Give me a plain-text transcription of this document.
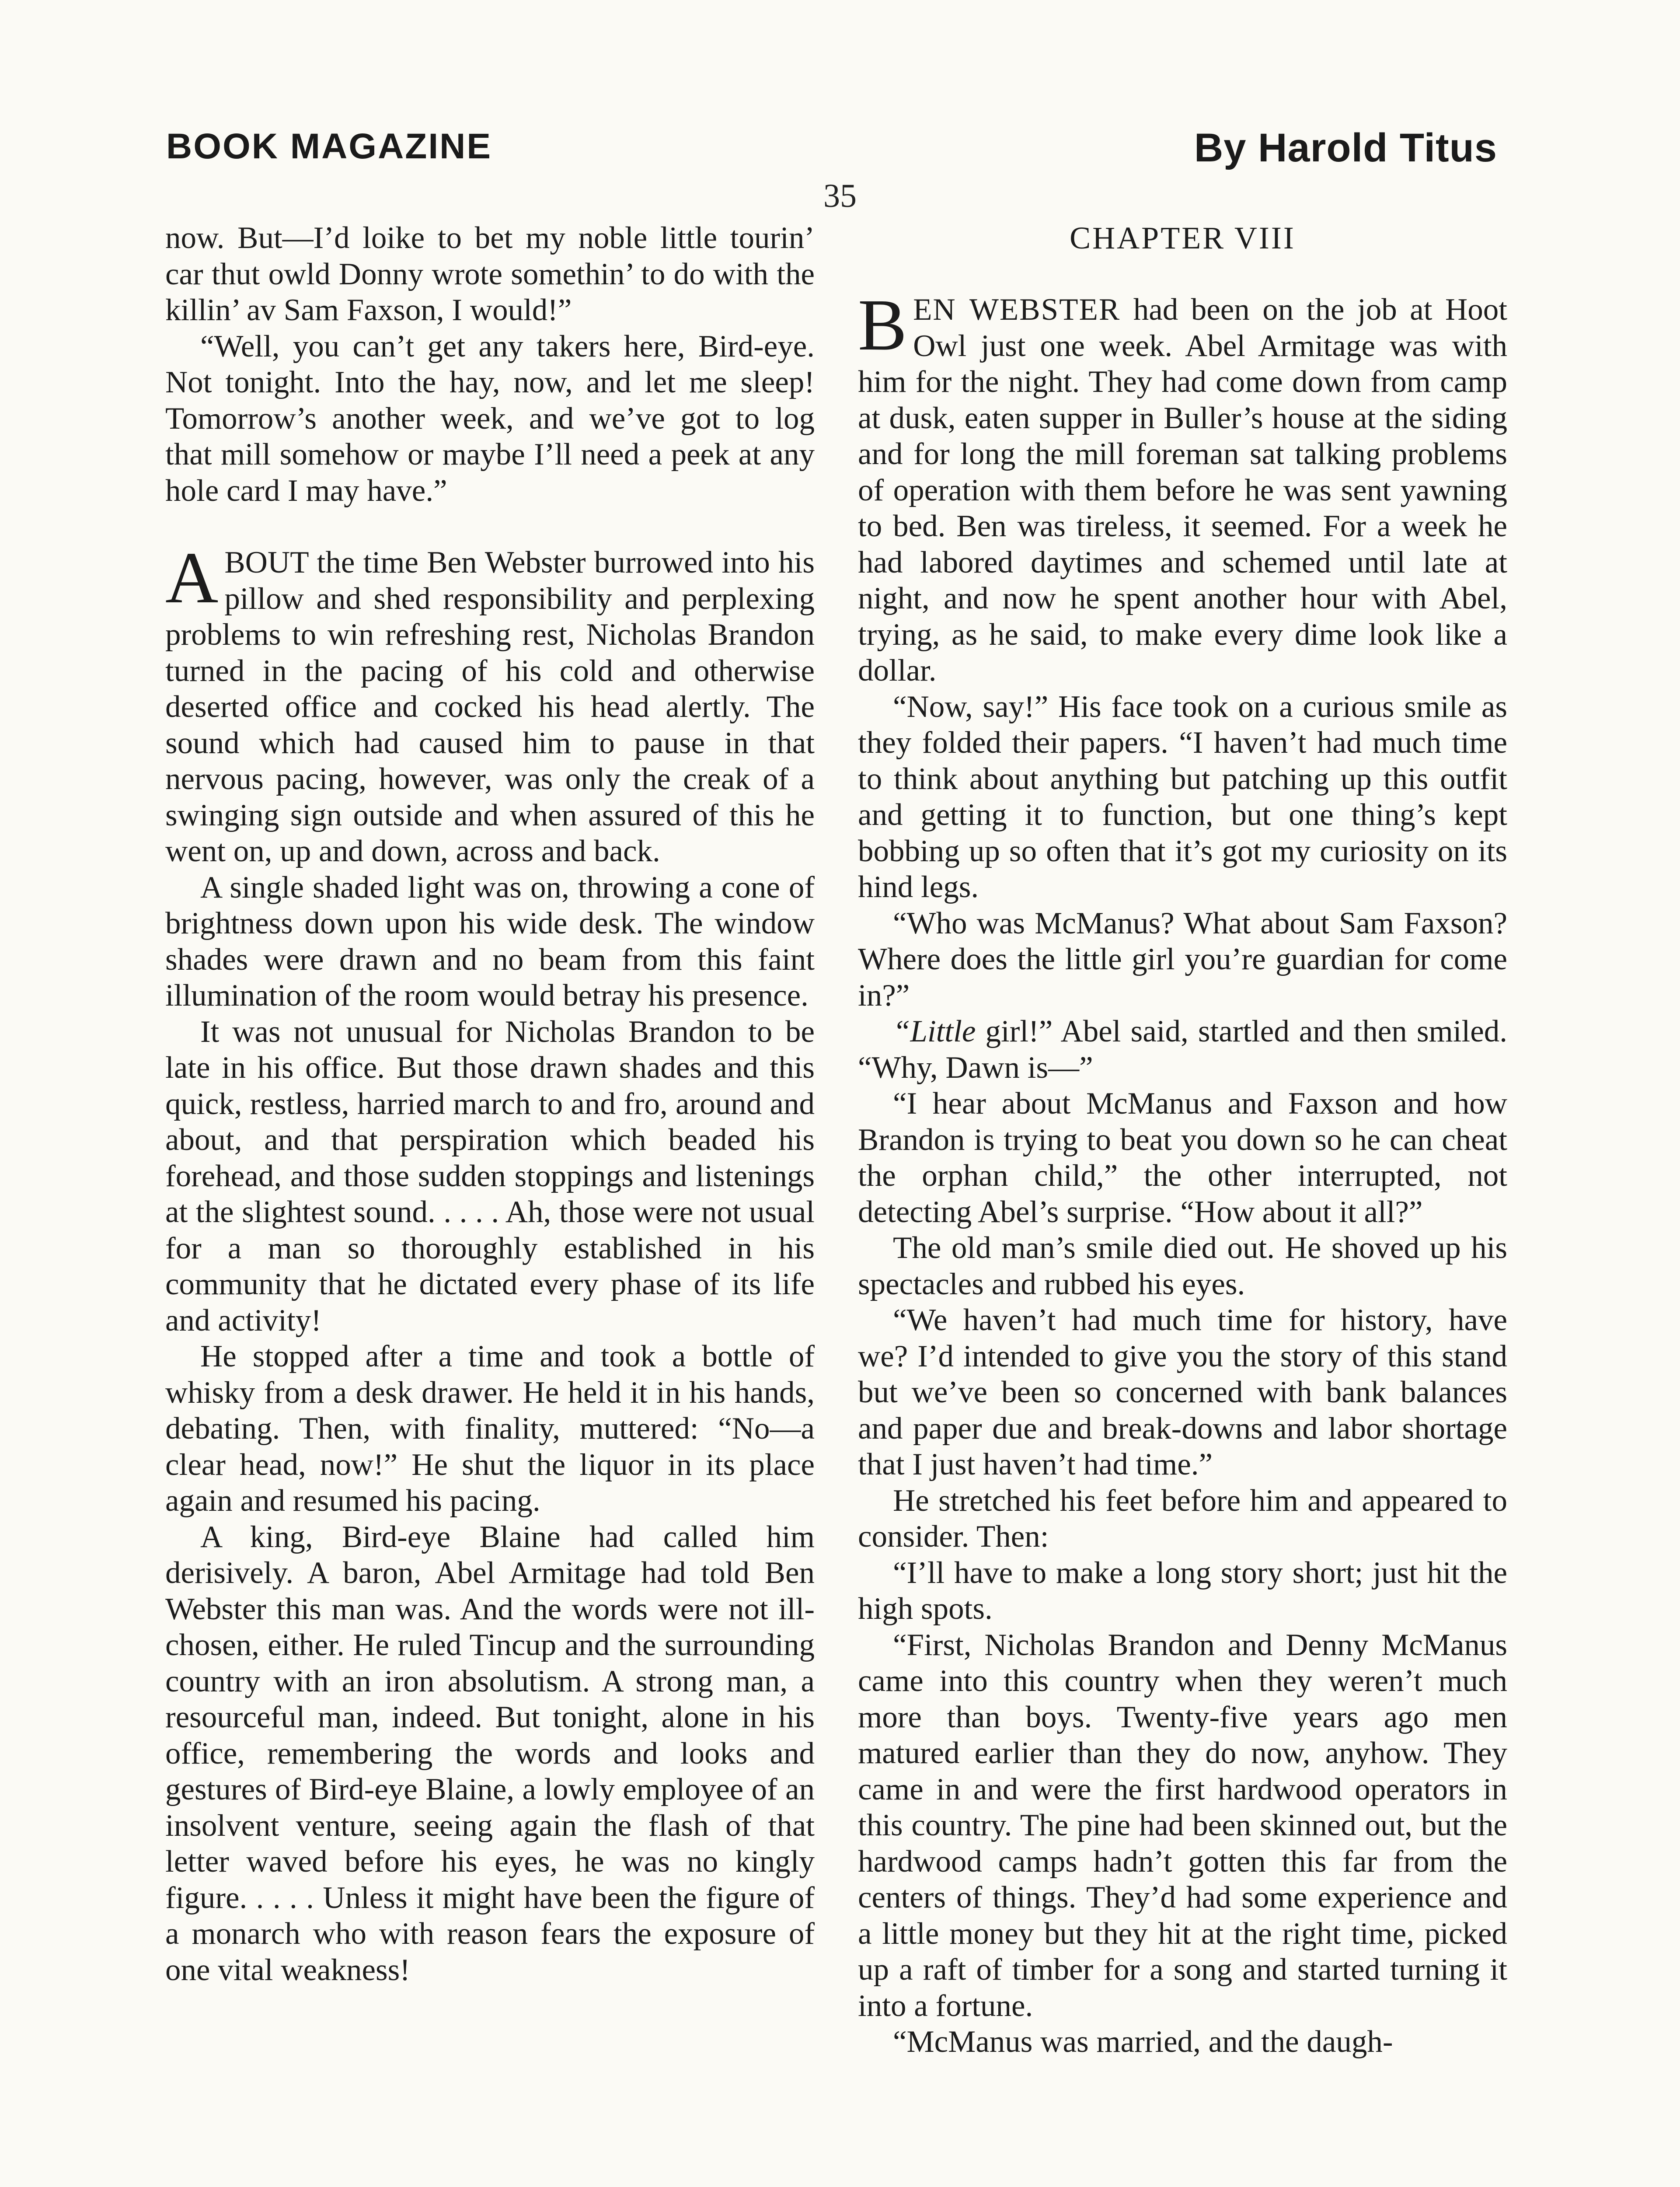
BOOK MAGAZINE	By Harold Titus
35

now. But—I’d loike to bet my noble little tourin’ car thut owld Donny wrote somethin’ to do with the killin’ av Sam Faxson, I would!”

“Well, you can’t get any takers here, Bird-eye. Not tonight. Into the hay, now, and let me sleep! Tomorrow’s another week, and we’ve got to log that mill somehow or maybe I’ll need a peek at any hole card I may have.”

ABOUT the time Ben Webster burrowed into his pillow and shed responsibility and perplexing problems to win refreshing rest, Nicholas Brandon turned in the pacing of his cold and otherwise deserted office and cocked his head alertly. The sound which had caused him to pause in that nervous pacing, however, was only the creak of a swinging sign outside and when assured of this he went on, up and down, across and back.

A single shaded light was on, throwing a cone of brightness down upon his wide desk. The window shades were drawn and no beam from this faint illumination of the room would betray his presence.

It was not unusual for Nicholas Brandon to be late in his office. But those drawn shades and this quick, restless, harried march to and fro, around and about, and that perspiration which beaded his forehead, and those sudden stoppings and listenings at the slightest sound. . . . . Ah, those were not usual for a man so thoroughly established in his community that he dictated every phase of its life and activity!

He stopped after a time and took a bottle of whisky from a desk drawer. He held it in his hands, debating. Then, with finality, muttered: “No—a clear head, now!” He shut the liquor in its place again and resumed his pacing.

A king, Bird-eye Blaine had called him derisively. A baron, Abel Armitage had told Ben Webster this man was. And the words were not ill-chosen, either. He ruled Tincup and the surrounding country with an iron absolutism. A strong man, a resourceful man, indeed. But tonight, alone in his office, remembering the words and looks and gestures of Bird-eye Blaine, a lowly employee of an insolvent venture, seeing again the flash of that letter waved before his eyes, he was no kingly figure. . . . . Unless it might have been the figure of a monarch who with reason fears the exposure of one vital weakness!

CHAPTER VIII

BEN WEBSTER had been on the job at Hoot Owl just one week. Abel Armitage was with him for the night. They had come down from camp at dusk, eaten supper in Buller’s house at the siding and for long the mill foreman sat talking problems of operation with them before he was sent yawning to bed. Ben was tireless, it seemed. For a week he had labored daytimes and schemed until late at night, and now he spent another hour with Abel, trying, as he said, to make every dime look like a dollar.

“Now, say!” His face took on a curious smile as they folded their papers. “I haven’t had much time to think about anything but patching up this outfit and getting it to function, but one thing’s kept bobbing up so often that it’s got my curiosity on its hind legs.

“Who was McManus? What about Sam Faxson? Where does the little girl you’re guardian for come in?”

“Little girl!” Abel said, startled and then smiled. “Why, Dawn is—”

“I hear about McManus and Faxson and how Brandon is trying to beat you down so he can cheat the orphan child,” the other interrupted, not detecting Abel’s surprise. “How about it all?”

The old man’s smile died out. He shoved up his spectacles and rubbed his eyes.

“We haven’t had much time for history, have we? I’d intended to give you the story of this stand but we’ve been so concerned with bank balances and paper due and break-downs and labor shortage that I just haven’t had time.”

He stretched his feet before him and appeared to consider. Then:

“I’ll have to make a long story short; just hit the high spots.

“First, Nicholas Brandon and Denny McManus came into this country when they weren’t much more than boys. Twenty-five years ago men matured earlier than they do now, anyhow. They came in and were the first hardwood operators in this country. The pine had been skinned out, but the hardwood camps hadn’t gotten this far from the centers of things. They’d had some experience and a little money but they hit at the right time, picked up a raft of timber for a song and started turning it into a fortune.

“McManus was married, and the daugh-
